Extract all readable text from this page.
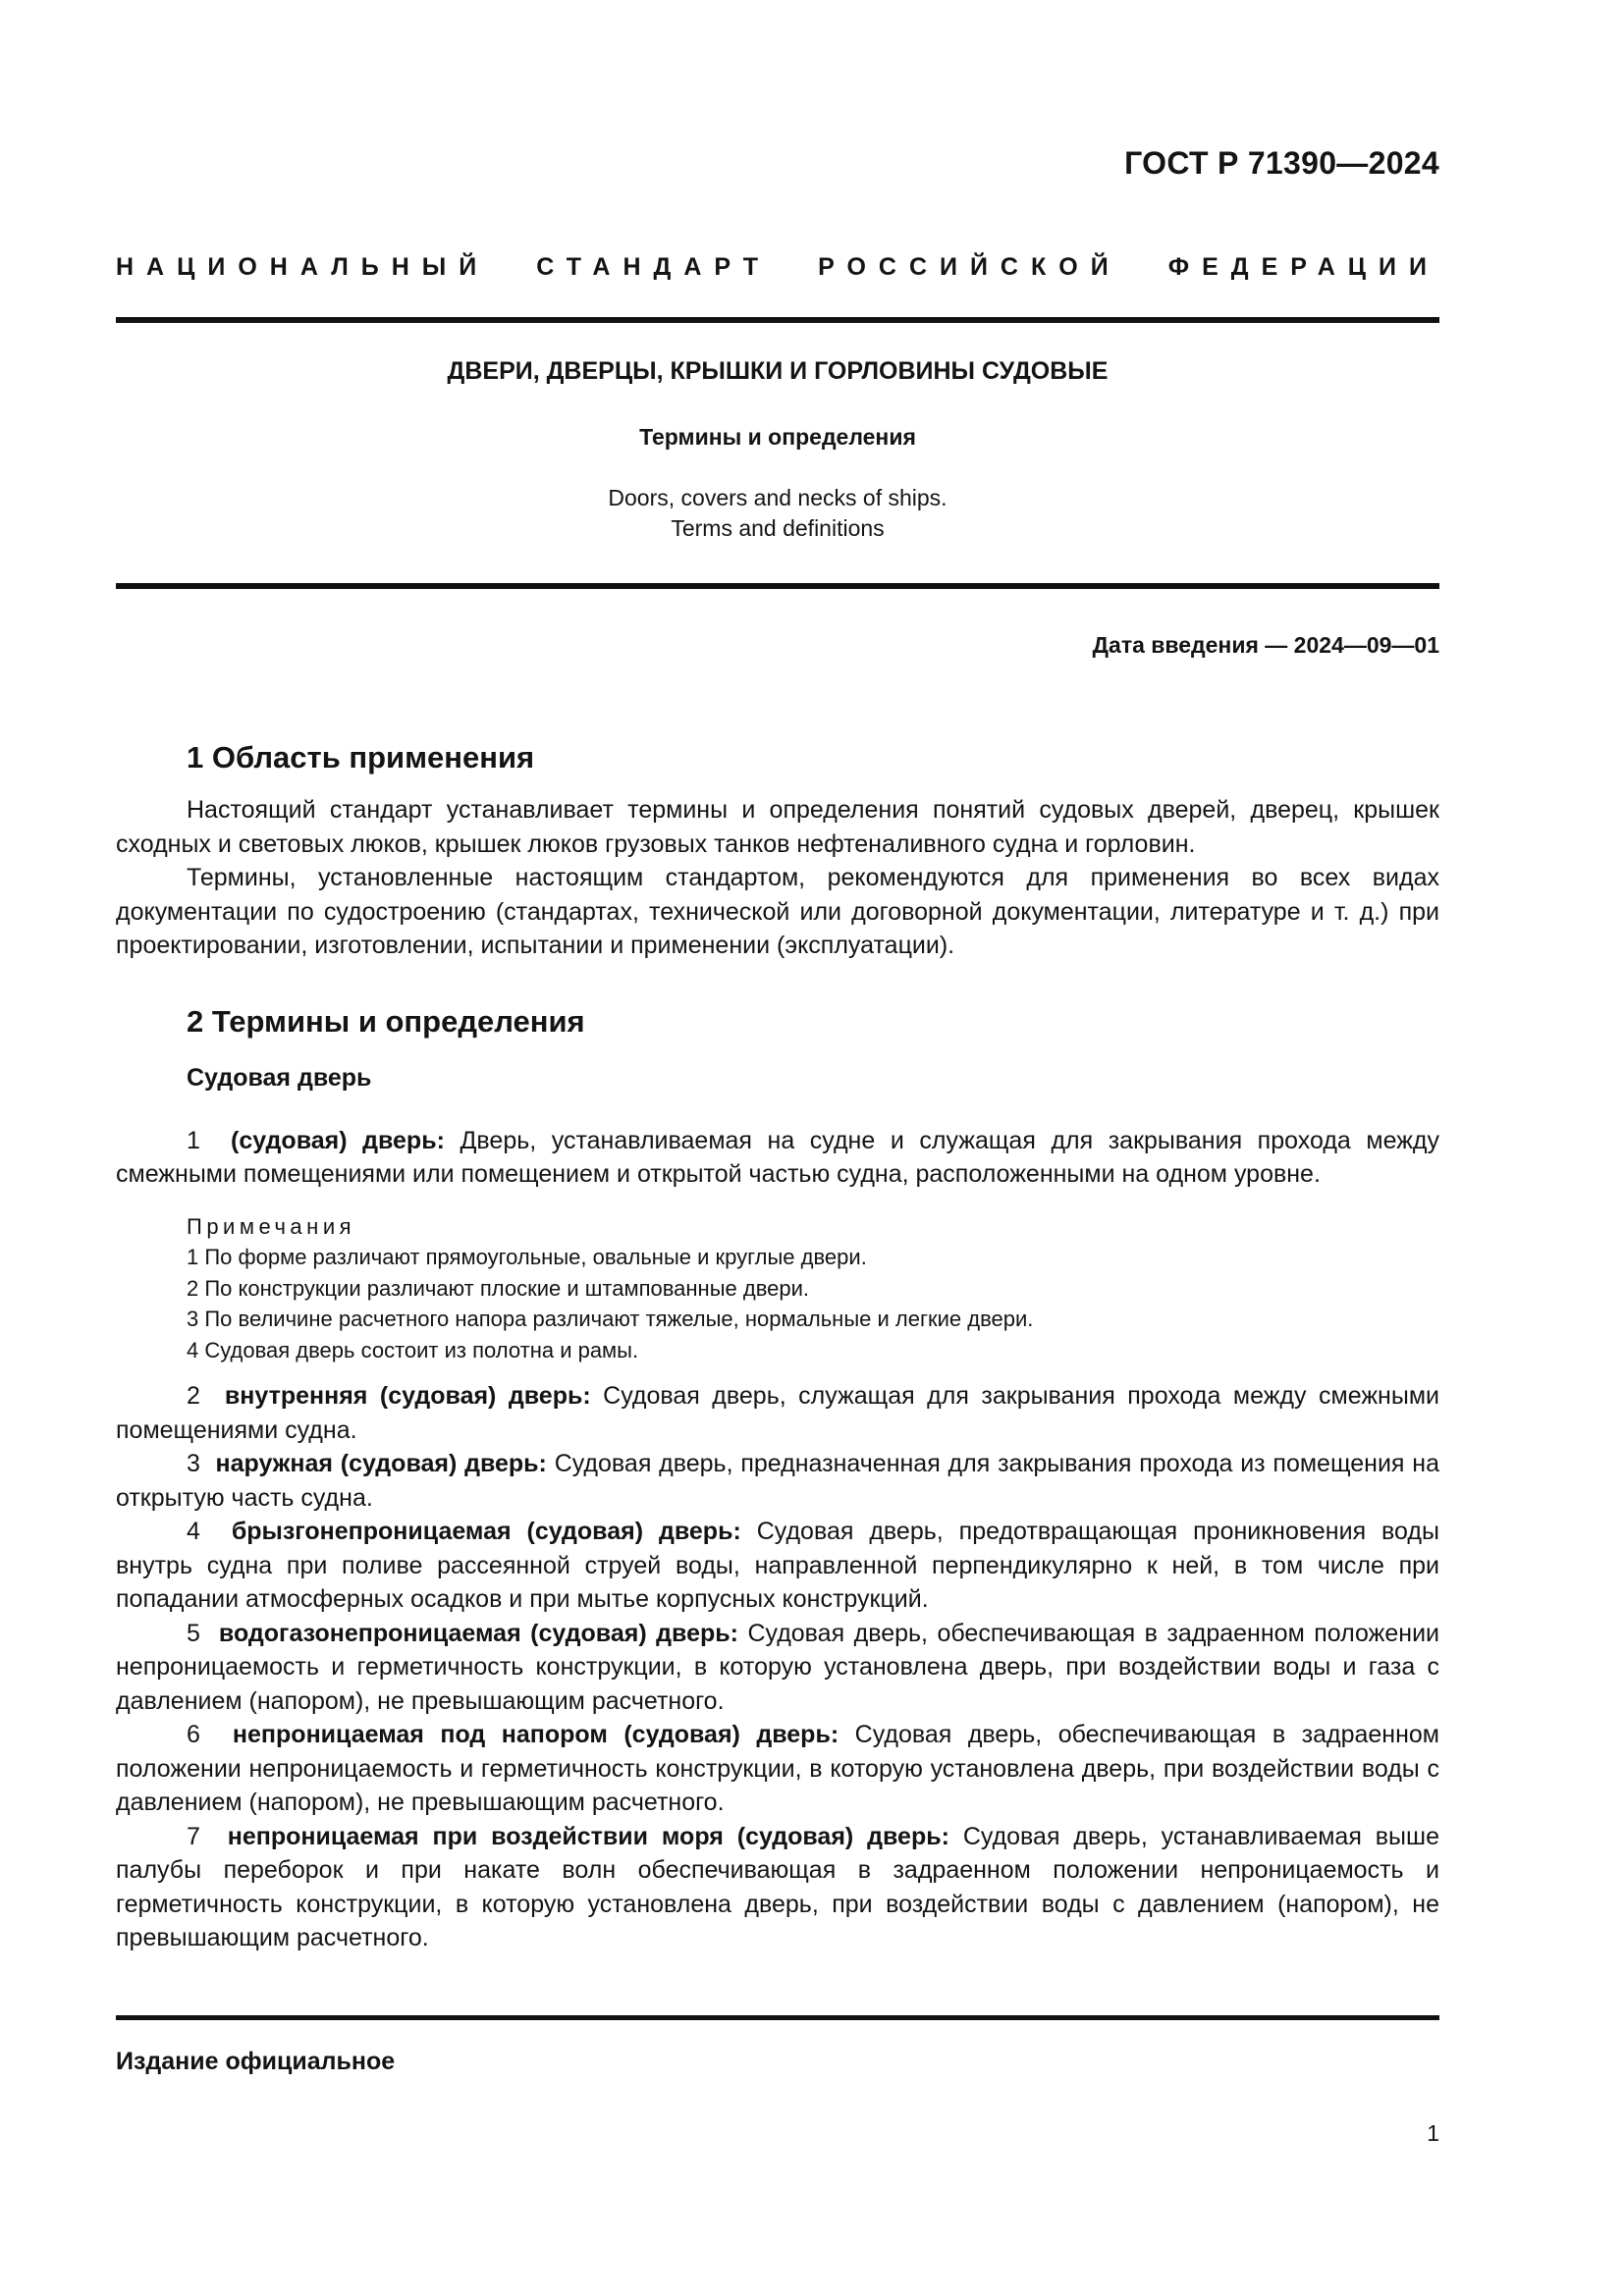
ГОСТ Р 71390—2024
НАЦИОНАЛЬНЫЙ СТАНДАРТ РОССИЙСКОЙ ФЕДЕРАЦИИ
ДВЕРИ, ДВЕРЦЫ, КРЫШКИ И ГОРЛОВИНЫ СУДОВЫЕ
Термины и определения
Doors, covers and necks of ships.
Terms and definitions
Дата введения — 2024—09—01
1 Область применения

Настоящий стандарт устанавливает термины и определения понятий судовых дверей, дверец, крышек сходных и световых люков, крышек люков грузовых танков нефтеналивного судна и горловин.

Термины, установленные настоящим стандартом, рекомендуются для применения во всех видах документации по судостроению (стандартах, технической или договорной документации, литературе и т. д.) при проектировании, изготовлении, испытании и применении (эксплуатации).

2 Термины и определения
Судовая дверь

1 (судовая) дверь: Дверь, устанавливаемая на судне и служащая для закрывания прохода между смежными помещениями или помещением и открытой частью судна, расположенными на одном уровне.

Примечания
1 По форме различают прямоугольные, овальные и круглые двери.
2 По конструкции различают плоские и штампованные двери.
3 По величине расчетного напора различают тяжелые, нормальные и легкие двери.
4 Судовая дверь состоит из полотна и рамы.

2 внутренняя (судовая) дверь: Судовая дверь, служащая для закрывания прохода между смежными помещениями судна.

3 наружная (судовая) дверь: Судовая дверь, предназначенная для закрывания прохода из помещения на открытую часть судна.

4 брызгонепроницаемая (судовая) дверь: Судовая дверь, предотвращающая проникновения воды внутрь судна при поливе рассеянной струей воды, направленной перпендикулярно к ней, в том числе при попадании атмосферных осадков и при мытье корпусных конструкций.

5 водогазонепроницаемая (судовая) дверь: Судовая дверь, обеспечивающая в задраенном положении непроницаемость и герметичность конструкции, в которую установлена дверь, при воздействии воды и газа с давлением (напором), не превышающим расчетного.

6 непроницаемая под напором (судовая) дверь: Судовая дверь, обеспечивающая в задраенном положении непроницаемость и герметичность конструкции, в которую установлена дверь, при воздействии воды с давлением (напором), не превышающим расчетного.

7 непроницаемая при воздействии моря (судовая) дверь: Судовая дверь, устанавливаемая выше палубы переборок и при накате волн обеспечивающая в задраенном положении непроницаемость и герметичность конструкции, в которую установлена дверь, при воздействии воды с давлением (напором), не превышающим расчетного.

Издание официальное
1
